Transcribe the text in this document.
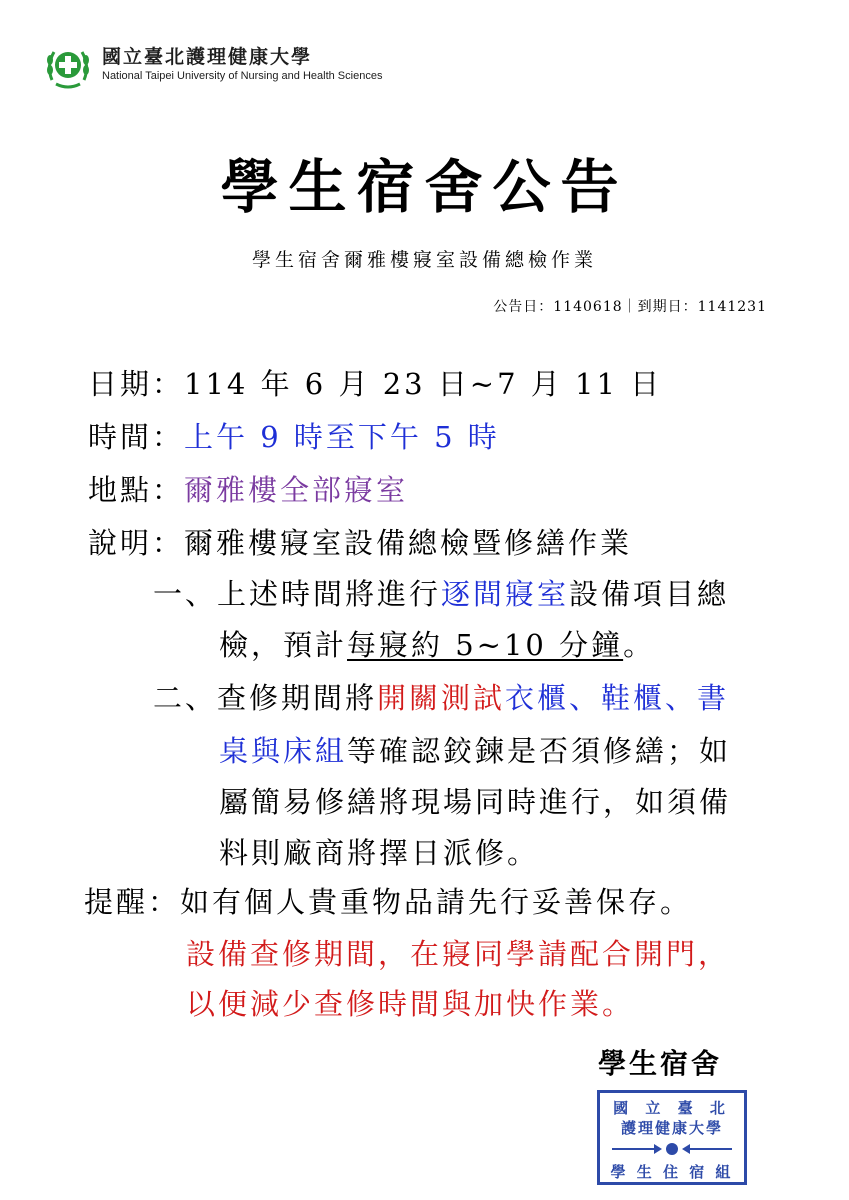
國立臺北護理健康大學
National Taipei University of Nursing and Health Sciences
學生宿舍公告
學生宿舍爾雅樓寢室設備總檢作業
公告日：1140618｜到期日：1141231
日期：114 年 6 月 23 日~7 月 11 日
時間：上午 9 時至下午 5 時
地點：爾雅樓全部寢室
說明：爾雅樓寢室設備總檢暨修繕作業
一、上述時間將進行逐間寢室設備項目總
檢，預計每寢約 5~10 分鐘。
二、查修期間將開關測試衣櫃、鞋櫃、書
桌與床組等確認鉸鍊是否須修繕；如
屬簡易修繕將現場同時進行，如須備
料則廠商將擇日派修。
提醒：如有個人貴重物品請先行妥善保存。
設備查修期間，在寢同學請配合開門，
以便減少查修時間與加快作業。
學生宿舍
國 立 臺 北
護理健康大學
學 生 住 宿 組
